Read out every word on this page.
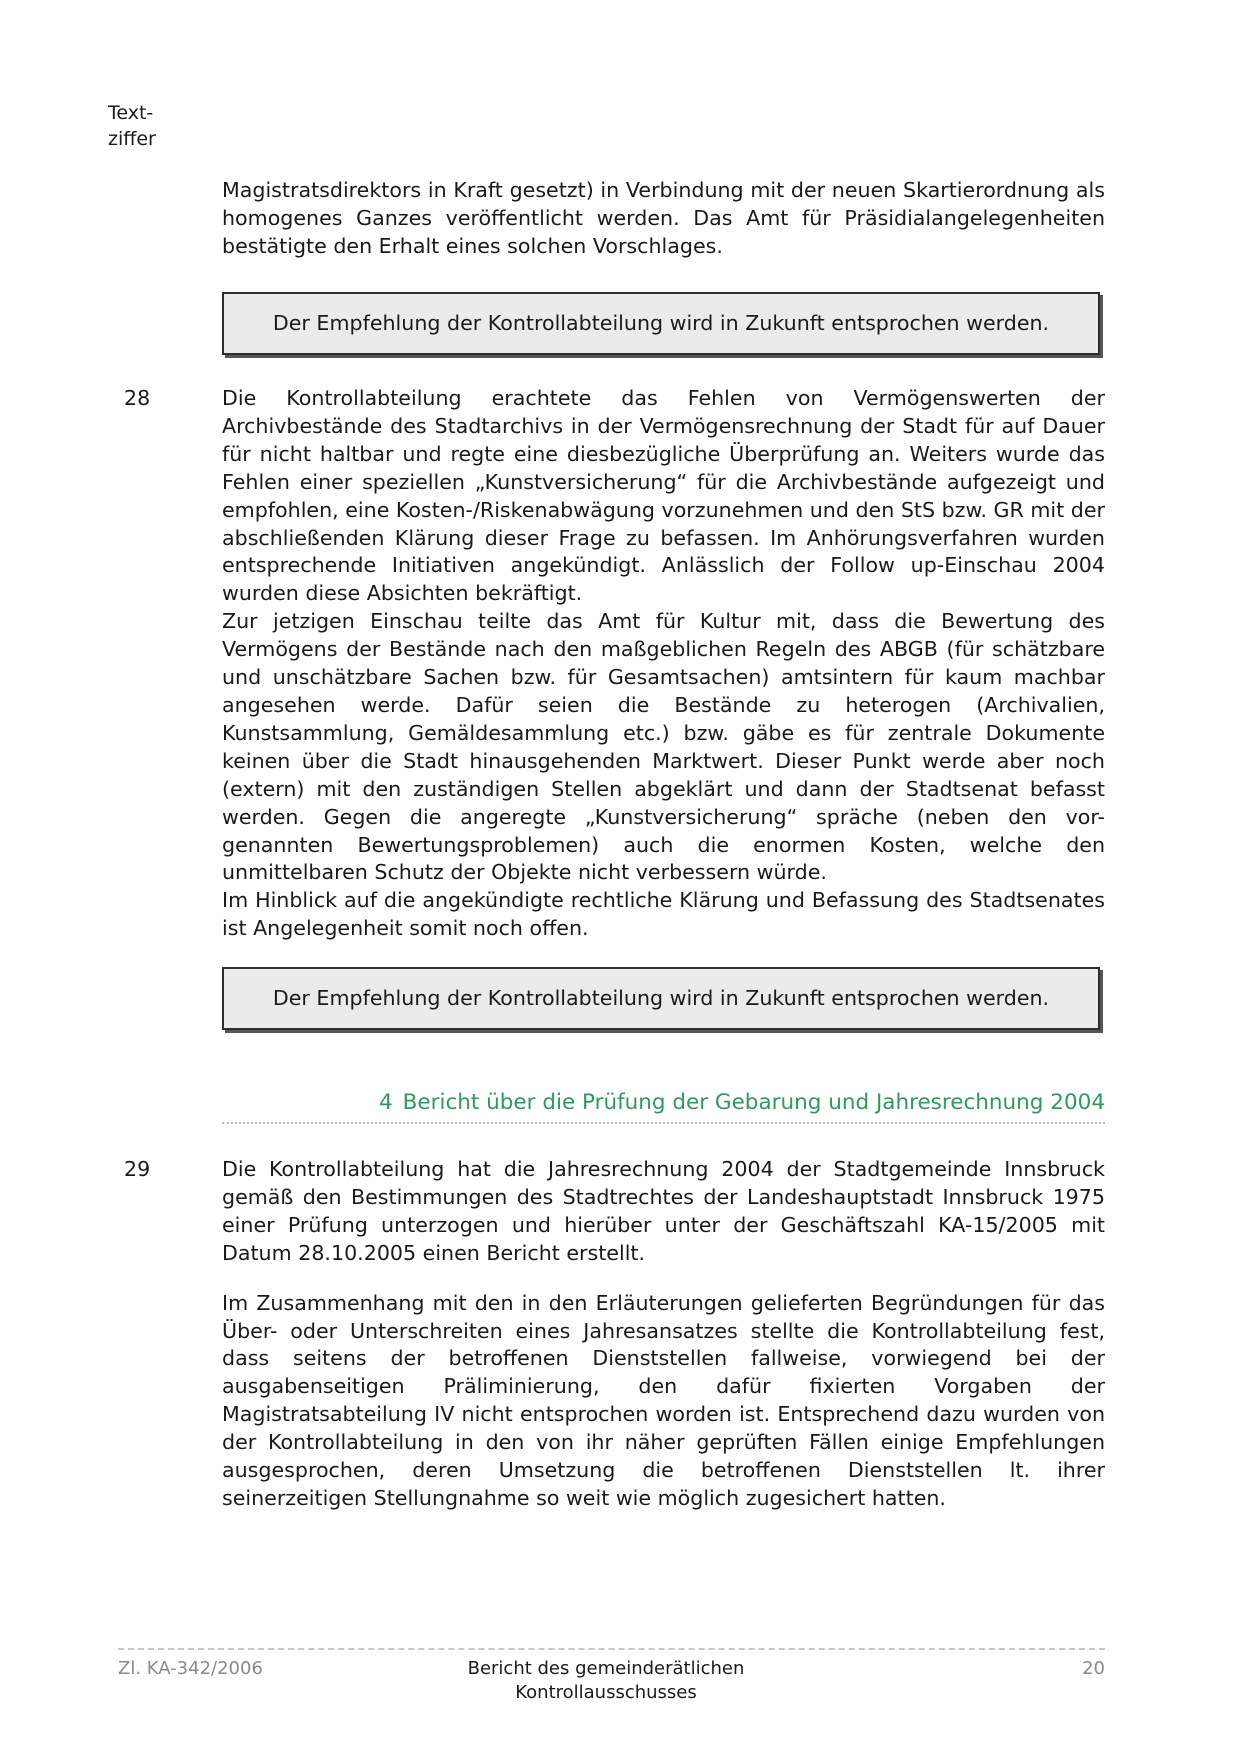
Text-
ziffer

Magistratsdirektors in Kraft gesetzt) in Verbindung mit der neuen Skartierordnung als homogenes Ganzes veröffentlicht werden. Das Amt für Präsidialangelegenheiten bestätigte den Erhalt eines solchen Vorschlages.

Der Empfehlung der Kontrollabteilung wird in Zukunft entsprochen werden.
28	Die Kontrollabteilung erachtete das Fehlen von Vermögenswerten der Archivbestände des Stadtarchivs in der Vermögensrechnung der Stadt für auf Dauer für nicht haltbar und regte eine diesbezügliche Überprüfung an. Weiters wurde das Fehlen einer speziellen „Kunstversicherung“ für die Archivbestände aufgezeigt und empfohlen, eine Kosten-/Riskenabwägung vorzunehmen und den StS bzw. GR mit der abschließenden Klärung dieser Frage zu befassen. Im Anhörungsverfahren wurden entsprechende Initiativen angekündigt. Anlässlich der Follow up-Einschau 2004 wurden diese Absichten bekräftigt.

Zur jetzigen Einschau teilte das Amt für Kultur mit, dass die Bewertung des Vermögens der Bestände nach den maßgeblichen Regeln des ABGB (für schätzbare und unschätzbare Sachen bzw. für Gesamtsachen) amtsintern für kaum machbar angesehen werde. Dafür seien die Bestände zu heterogen (Archivalien, Kunstsammlung, Gemäldesammlung etc.) bzw. gäbe es für zentrale Dokumente keinen über die Stadt hinausgehenden Marktwert. Dieser Punkt werde aber noch (extern) mit den zuständigen Stellen abgeklärt und dann der Stadtsenat befasst werden. Gegen die angeregte „Kunstversicherung“ spräche (neben den vor-genannten Bewertungsproblemen) auch die enormen Kosten, welche den unmittelbaren Schutz der Objekte nicht verbessern würde.

Im Hinblick auf die angekündigte rechtliche Klärung und Befassung des Stadtsenates ist Angelegenheit somit noch offen.

Der Empfehlung der Kontrollabteilung wird in Zukunft entsprochen werden.
4 Bericht über die Prüfung der Gebarung und Jahresrechnung 2004
29	Die Kontrollabteilung hat die Jahresrechnung 2004 der Stadtgemeinde Innsbruck gemäß den Bestimmungen des Stadtrechtes der Landeshauptstadt Innsbruck 1975 einer Prüfung unterzogen und hierüber unter der Geschäftszahl KA-15/2005 mit Datum 28.10.2005 einen Bericht erstellt.

Im Zusammenhang mit den in den Erläuterungen gelieferten Begründungen für das Über- oder Unterschreiten eines Jahresansatzes stellte die Kontrollabteilung fest, dass seitens der betroffenen Dienststellen fallweise, vorwiegend bei der ausgabenseitigen Präliminierung, den dafür fixierten Vorgaben der Magistratsabteilung IV nicht entsprochen worden ist. Entsprechend dazu wurden von der Kontrollabteilung in den von ihr näher geprüften Fällen einige Empfehlungen ausgesprochen, deren Umsetzung die betroffenen Dienststellen lt. ihrer seinerzeitigen Stellungnahme so weit wie möglich zugesichert hatten.

Zl. KA-342/2006	Bericht des gemeinderätlichen Kontrollausschusses
20
